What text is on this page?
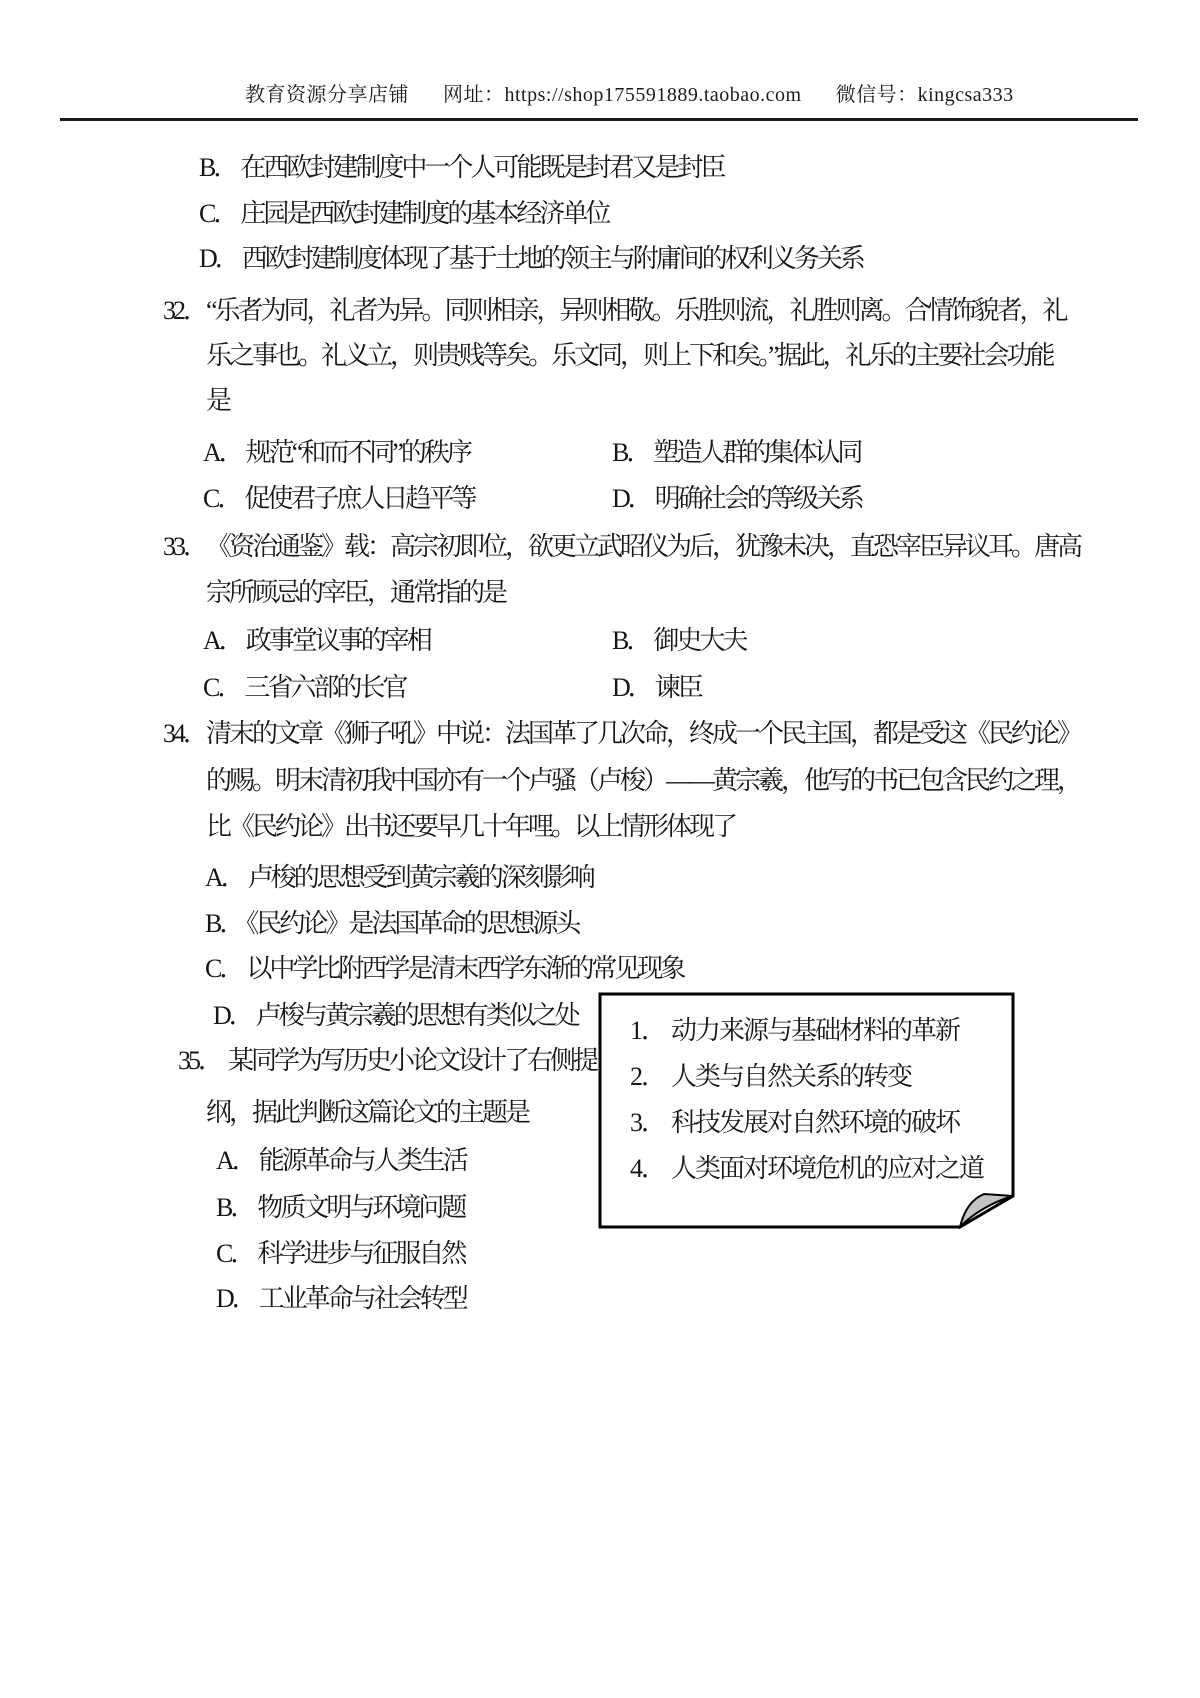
教育资源分享店铺 网址：https://shop175591889.taobao.com 微信号：kingcsa333
B． 在西欧封建制度中一个人可能既是封君又是封臣
C． 庄园是西欧封建制度的基本经济单位
D． 西欧封建制度体现了基于土地的领主与附庸间的权利义务关系
32． “乐者为同，礼者为异。同则相亲，异则相敬。乐胜则流，礼胜则离。合情饰貌者，礼
乐之事也。礼义立，则贵贱等矣。乐文同，则上下和矣。”据此，礼乐的主要社会功能
是
A． 规范“和而不同”的秩序	B． 塑造人群的集体认同
C． 促使君子庶人日趋平等	D． 明确社会的等级关系
33． 《资治通鉴》载：高宗初即位，欲更立武昭仪为后，犹豫未决，直恐宰臣异议耳。唐高
宗所顾忌的宰臣，通常指的是
A． 政事堂议事的宰相	B． 御史大夫
C． 三省六部的长官	D． 谏臣
34． 清末的文章《狮子吼》中说：法国革了几次命，终成一个民主国，都是受这《民约论》
的赐。明末清初我中国亦有一个卢骚（卢梭）——黄宗羲，他写的书已包含民约之理，
比《民约论》出书还要早几十年哩。以上情形体现了
A． 卢梭的思想受到黄宗羲的深刻影响
B． 《民约论》是法国革命的思想源头
C． 以中学比附西学是清末西学东渐的常见现象
D． 卢梭与黄宗羲的思想有类似之处
35． 某同学为写历史小论文设计了右侧提
纲，据此判断这篇论文的主题是
A． 能源革命与人类生活
B． 物质文明与环境问题
C． 科学进步与征服自然
D． 工业革命与社会转型
1． 动力来源与基础材料的革新
2． 人类与自然关系的转变
3． 科技发展对自然环境的破坏
4． 人类面对环境危机的应对之道
